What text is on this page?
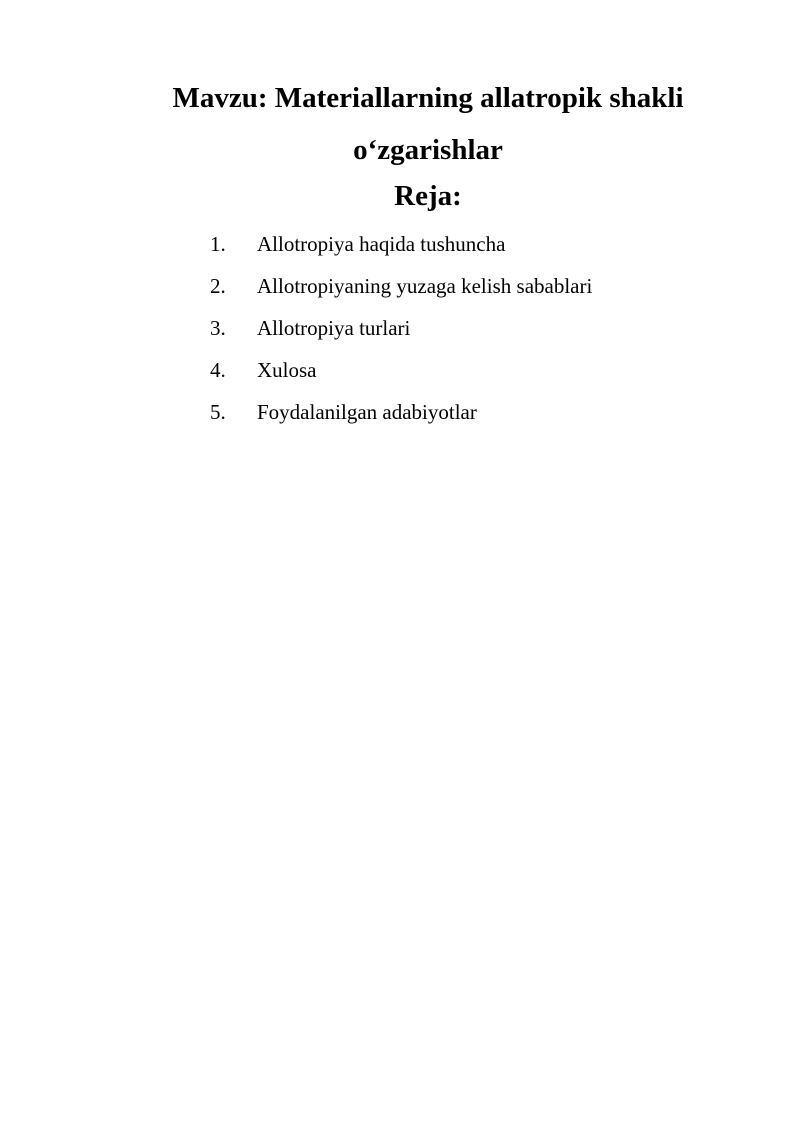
Mavzu: Materiallarning allatropik shakli
o‘zgarishlar
Reja:
1.	Allotropiya haqida tushuncha
2.	Allotropiyaning yuzaga kelish sabablari
3.	Allotropiya turlari
4.	Xulosa
5.	Foydalanilgan adabiyotlar
